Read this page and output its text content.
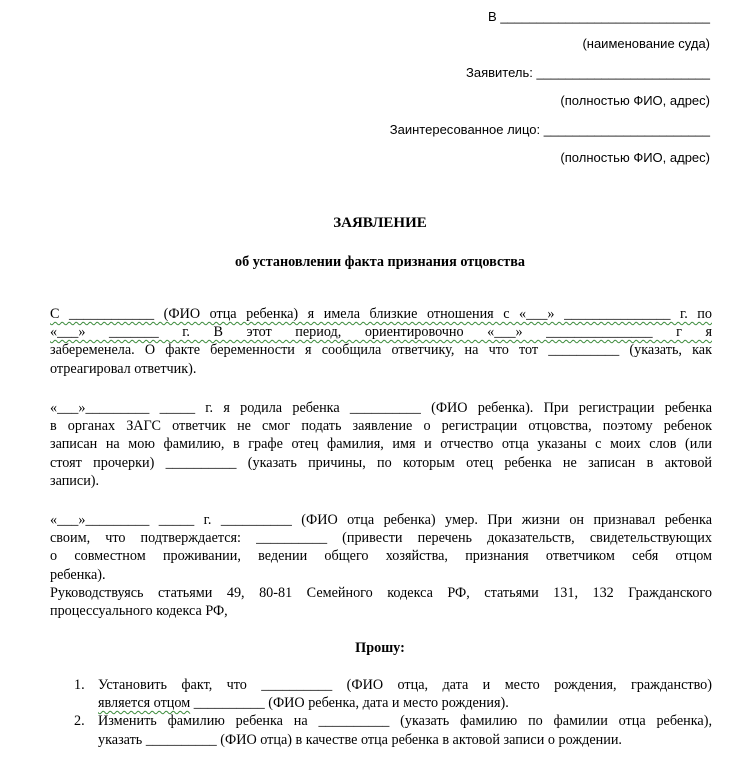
В _____________________________
(наименование суда)
Заявитель: ________________________
(полностью ФИО, адрес)
Заинтересованное лицо: _______________________
(полностью ФИО, адрес)
ЗАЯВЛЕНИЕ
об установлении факта признания отцовства
С ____________ (ФИО отца ребенка) я имела близкие отношения с «___» _______________ г. по
«___» _______ г. В этот период, ориентировочно «___» _______________ г я
забеременела. О факте беременности я сообщила ответчику, на что тот __________ (указать, как
отреагировал ответчик).
«___»_________ _____ г. я родила ребенка __________ (ФИО ребенка). При регистрации ребенка
в органах ЗАГС ответчик не смог подать заявление о регистрации отцовства, поэтому ребенок
записан на мою фамилию, в графе отец фамилия, имя и отчество отца указаны с моих слов (или
стоят прочерки) __________ (указать причины, по которым отец ребенка не записан в актовой
записи).
«___»_________ _____ г. __________ (ФИО отца ребенка) умер. При жизни он признавал ребенка
своим, что подтверждается: __________ (привести перечень доказательств, свидетельствующих
о совместном проживании, ведении общего хозяйства, признания ответчиком себя отцом
ребенка).
Руководствуясь статьями 49, 80-81 Семейного кодекса РФ, статьями 131, 132 Гражданского
процессуального кодекса РФ,
Прошу:
1. Установить факт, что __________ (ФИО отца, дата и место рождения, гражданство)
является отцом __________ (ФИО ребенка, дата и место рождения).
2. Изменить фамилию ребенка на __________ (указать фамилию по фамилии отца ребенка),
указать __________ (ФИО отца) в качестве отца ребенка в актовой записи о рождении.
